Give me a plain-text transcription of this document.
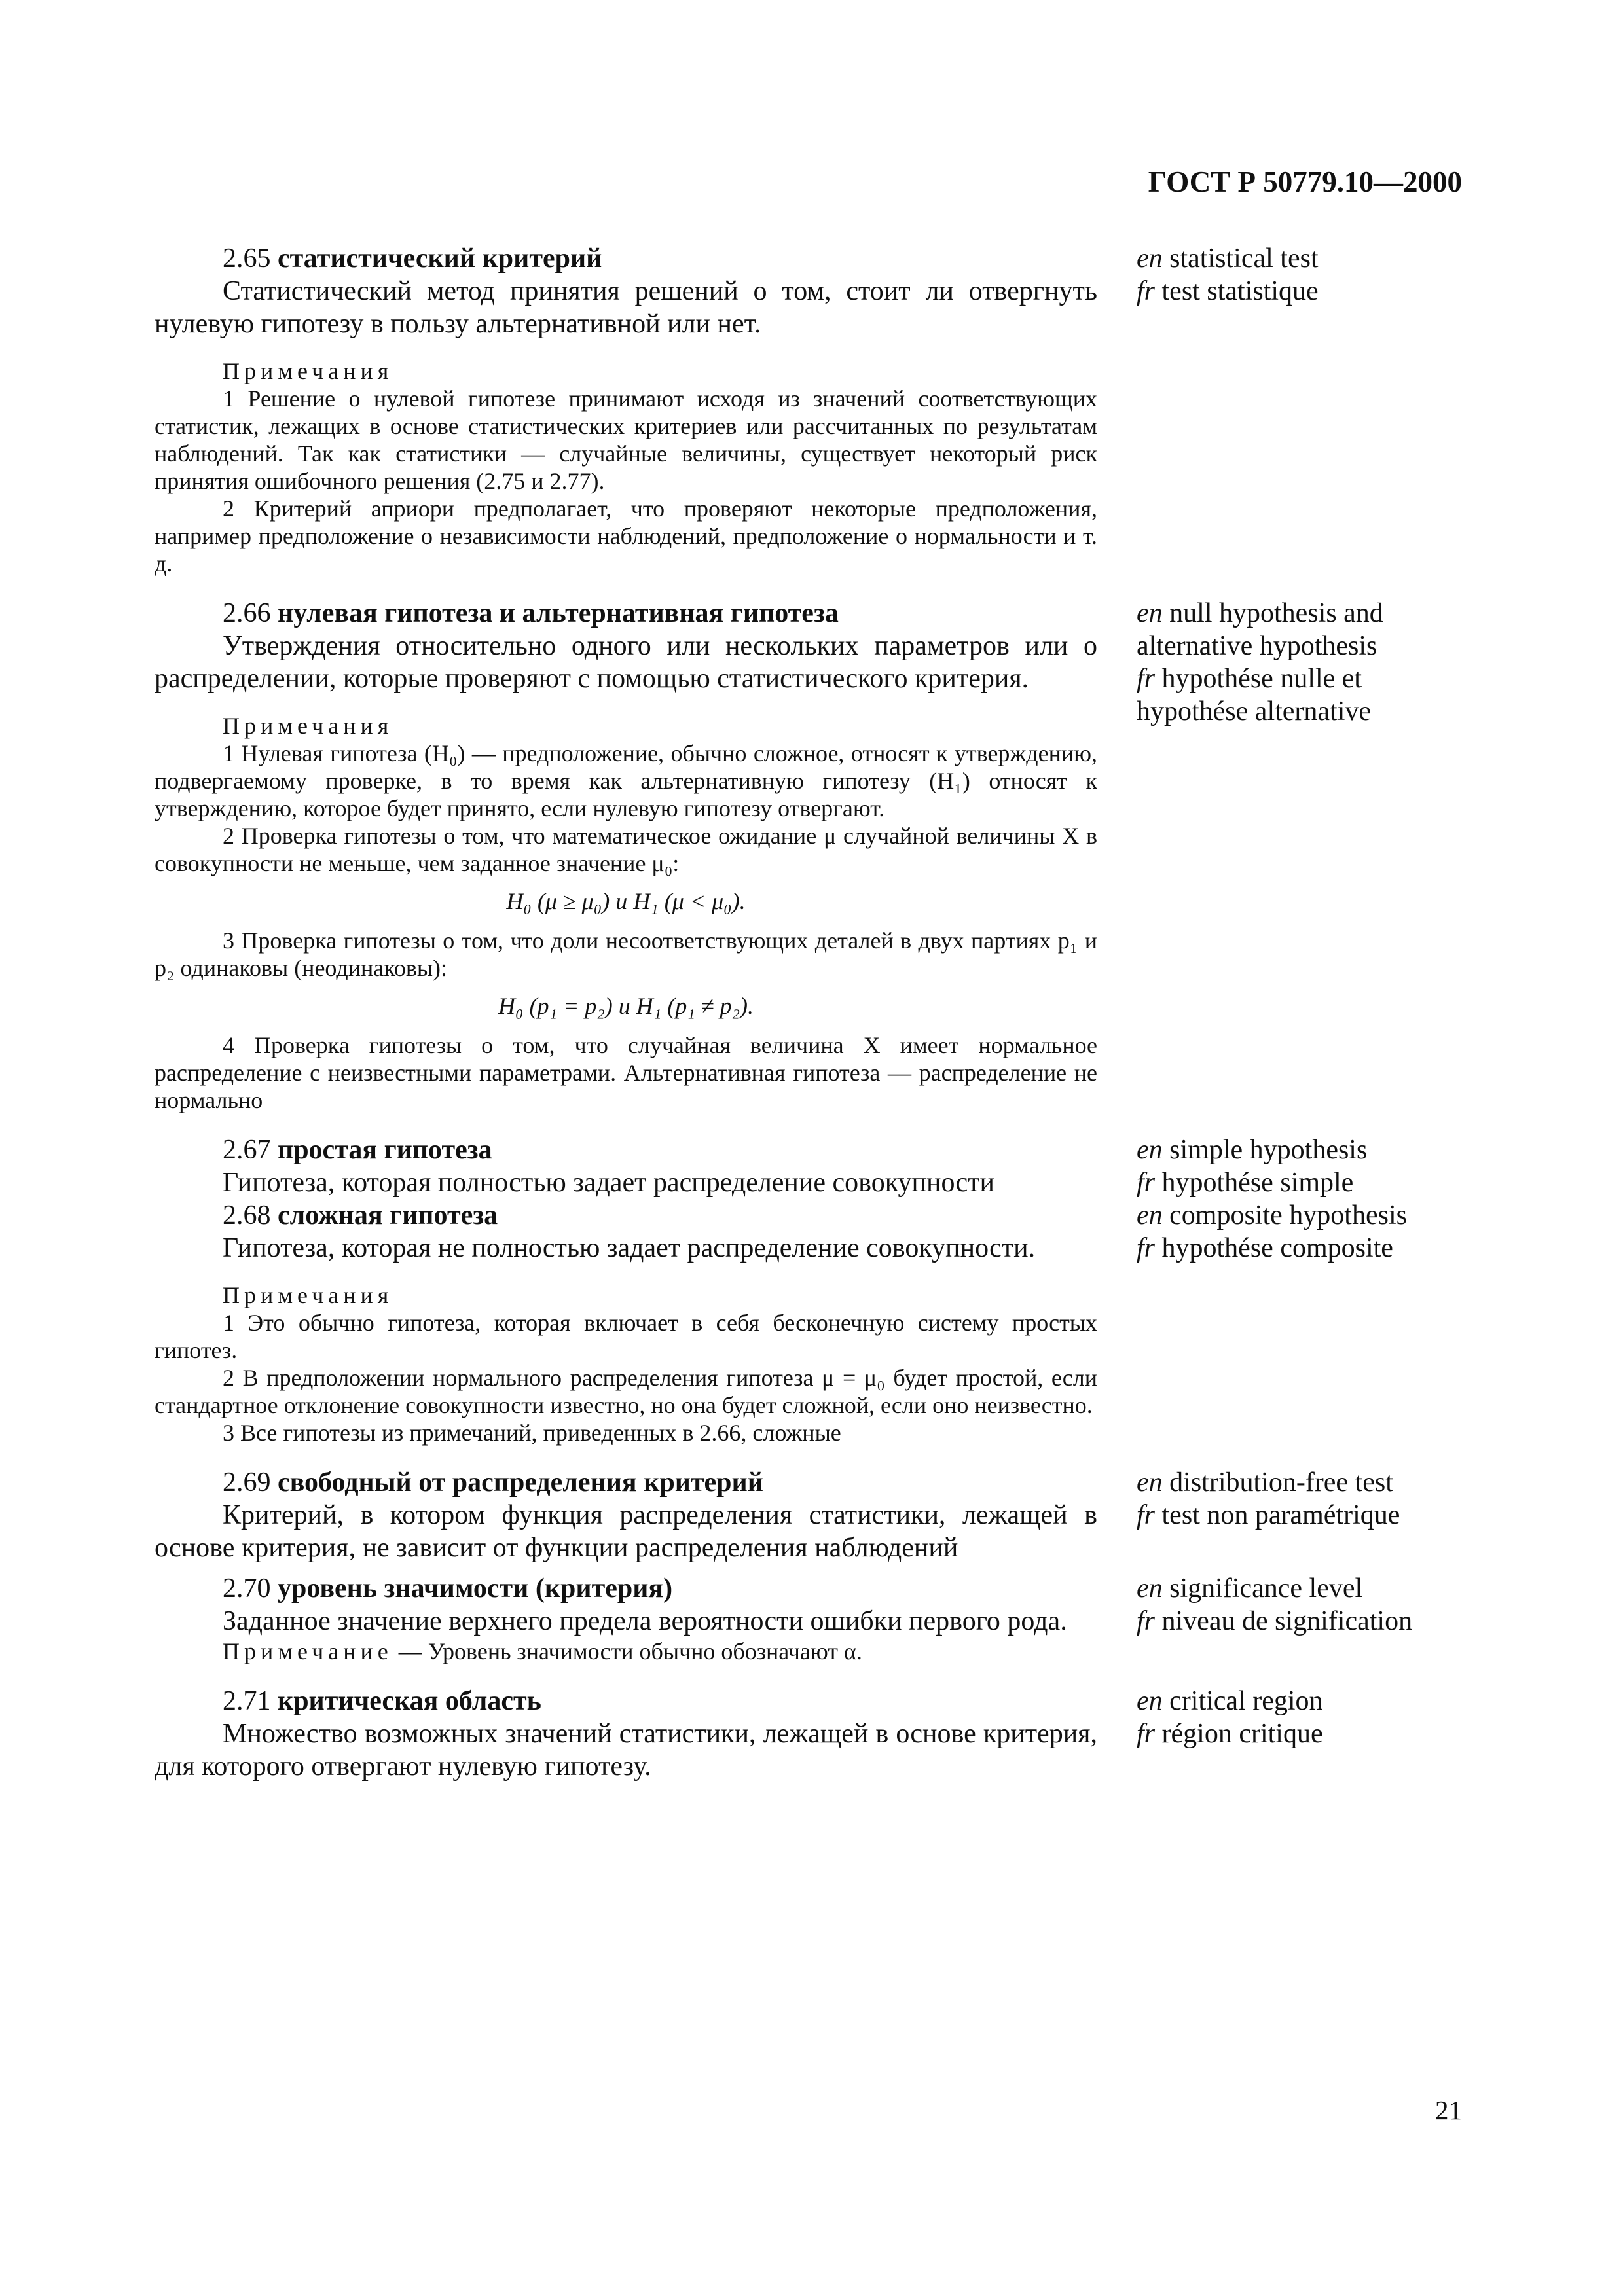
ГОСТ Р 50779.10—2000
2.65 статистический критерий

Статистический метод принятия решений о том, стоит ли отвергнуть нулевую гипотезу в пользу альтернативной или нет.

Примечания

1 Решение о нулевой гипотезе принимают исходя из значений соответствующих статистик, лежащих в основе статистических критериев или рассчитанных по результатам наблюдений. Так как статистики — случайные величины, существует некоторый риск принятия ошибочного решения (2.75 и 2.77).

2 Критерий априори предполагает, что проверяют некоторые предположения, например предположение о независимости наблюдений, предположение о нормальности и т. д.

en statistical test
fr test statistique
2.66 нулевая гипотеза и альтернативная гипотеза

Утверждения относительно одного или нескольких параметров или о распределении, которые проверяют с помощью статистического критерия.

Примечания

1 Нулевая гипотеза (H₀) — предположение, обычно сложное, относят к утверждению, подвергаемому проверке, в то время как альтернативную гипотезу (H₁) относят к утверждению, которое будет принято, если нулевую гипотезу отвергают.

2 Проверка гипотезы о том, что математическое ожидание μ случайной величины X в совокупности не меньше, чем заданное значение μ₀:

H₀ (μ ≥ μ₀) и H₁ (μ < μ₀).

3 Проверка гипотезы о том, что доли несоответствующих деталей в двух партиях p₁ и p₂ одинаковы (неодинаковы):

H₀ (p₁ = p₂) и H₁ (p₁ ≠ p₂).

4 Проверка гипотезы о том, что случайная величина X имеет нормальное распределение с неизвестными параметрами. Альтернативная гипотеза — распределение не нормально

en null hypothesis and
alternative hypothesis
fr hypothése nulle et
hypothése alternative
2.67 простая гипотеза

Гипотеза, которая полностью задает распределение совокупности

en simple hypothesis
fr hypothése simple
2.68 сложная гипотеза

Гипотеза, которая не полностью задает распределение совокупности.

Примечания

1 Это обычно гипотеза, которая включает в себя бесконечную систему простых гипотез.

2 В предположении нормального распределения гипотеза μ = μ₀ будет простой, если стандартное отклонение совокупности известно, но она будет сложной, если оно неизвестно.

3 Все гипотезы из примечаний, приведенных в 2.66, сложные

en composite hypothesis
fr hypothése composite
2.69 свободный от распределения критерий

Критерий, в котором функция распределения статистики, лежащей в основе критерия, не зависит от функции распределения наблюдений

en distribution-free test
fr test non paramétrique
2.70 уровень значимости (критерия)

Заданное значение верхнего предела вероятности ошибки первого рода.

Примечание — Уровень значимости обычно обозначают α.
en significance level
fr niveau de signification
2.71 критическая область

Множество возможных значений статистики, лежащей в основе критерия, для которого отвергают нулевую гипотезу.

en critical region
fr région critique
21
